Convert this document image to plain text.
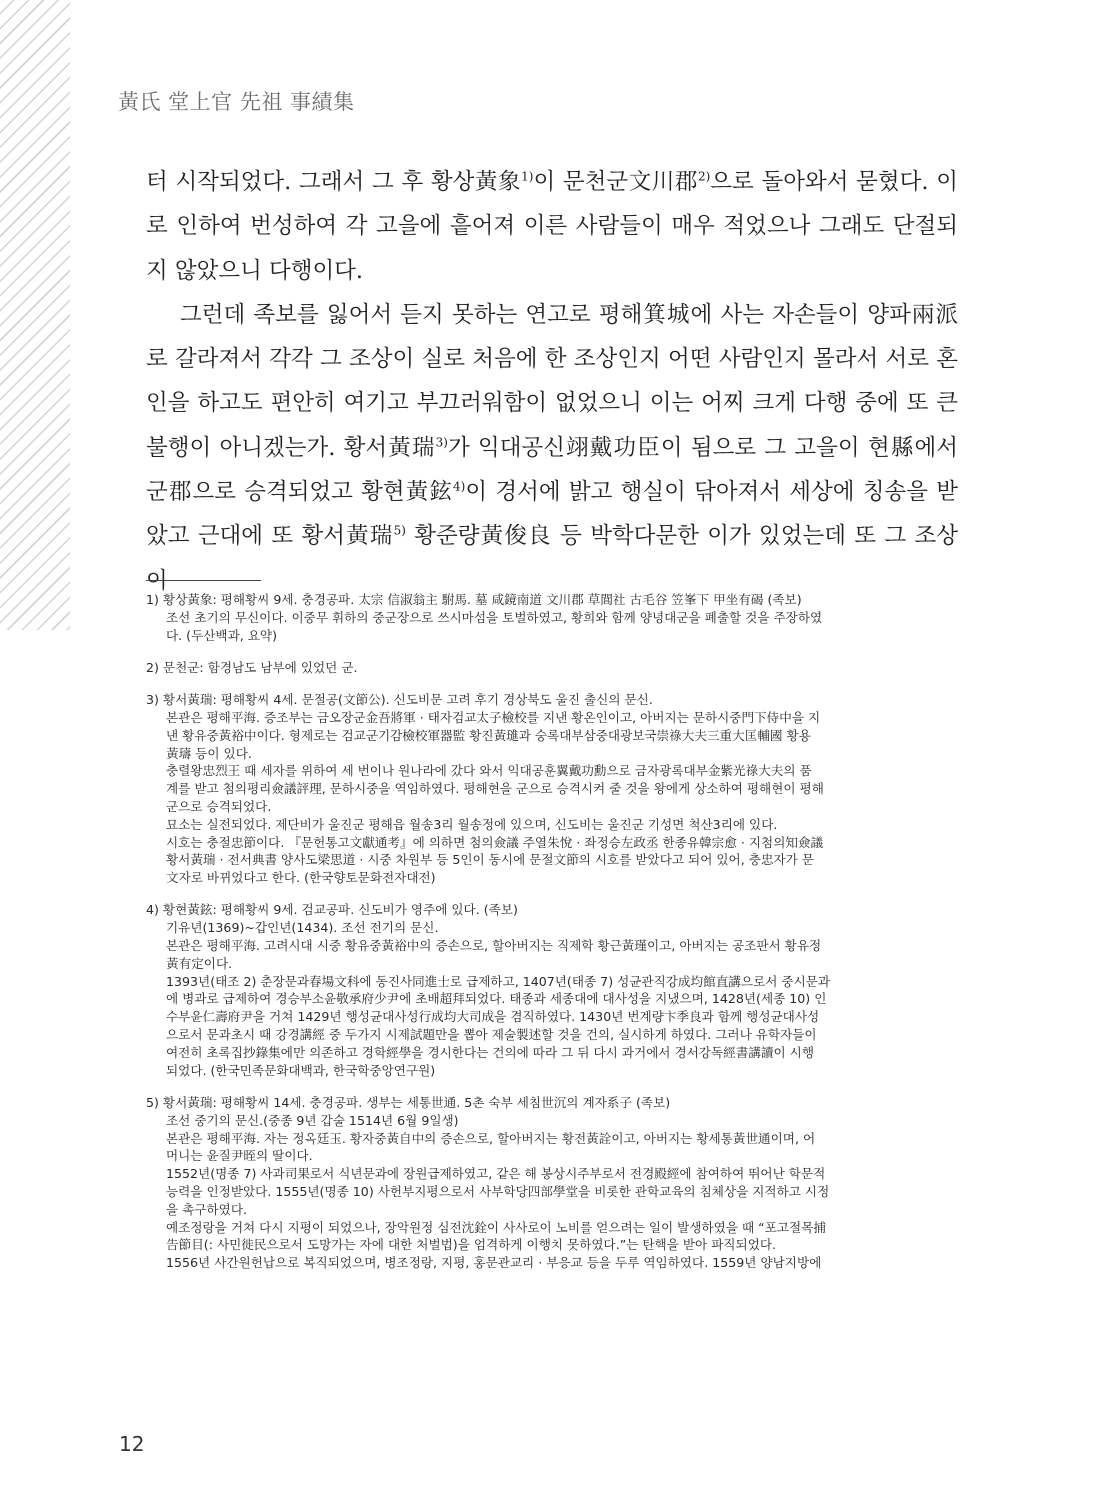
黃氏 堂上官 先祖 事績集

터 시작되었다. 그래서 그 후 황상黃象$^{1)}$이 문천군文川郡$^{2)}$으로 돌아와서 묻혔다. 이로 인하여 번성하여 각 고을에 흩어져 이른 사람들이 매우 적었으나 그래도 단절되지 않았으니 다행이다.

그런데 족보를 잃어서 듣지 못하는 연고로 평해箕城에 사는 자손들이 양파兩派로 갈라져서 각각 그 조상이 실로 처음에 한 조상인지 어떤 사람인지 몰라서 서로 혼인을 하고도 편안히 여기고 부끄러워함이 없었으니 이는 어찌 크게 다행 중에 또 큰 불행이 아니겠는가. 황서黃瑞$^{3)}$가 익대공신翊戴功臣이 됨으로 그 고을이 현縣에서 군郡으로 승격되었고 황현黃鉉$^{4)}$이 경서에 밝고 행실이 닦아져서 세상에 칭송을 받았고 근대에 또 황서黃瑞$^{5)}$ 황준량黃俊良 등 박학다문한 이가 있었는데 또 그 조상이

1) 황상黃象: 평해황씨 9세. 충경공파. 太宗 信淑翁主 駙馬. 墓 咸鏡南道 文川郡 草閭社 古毛谷 笠峯下 甲坐有碣 (족보)
조선 초기의 무신이다. 이중무 휘하의 중군장으로 쓰시마섬을 토벌하였고, 황희와 함께 양녕대군을 폐출할 것을 주장하였
다. (두산백과, 요약)
2) 문천군: 함경남도 남부에 있었던 군.
3) 황서黃瑞: 평해황씨 4세. 문절공(文節公). 신도비문 고려 후기 경상북도 울진 출신의 문신.
본관은 평해平海. 증조부는 금오장군金吾將軍 · 태자검교太子檢校를 지낸 황온인이고, 아버지는 문하시중門下侍中을 지
낸 황유중黃裕中이다. 형제로는 검교군기감檢校軍器監 황진黃璡과 숭록대부삼중대광보국崇祿大夫三重大匡輔國 황용
黃璹 등이 있다.
충렬왕忠烈王 때 세자를 위하여 세 번이나 원나라에 갔다 와서 익대공훈翼戴功勳으로 금자광록대부金紫光祿大夫의 품
계를 받고 첨의평리僉議評理, 문하시중을 역임하였다. 평해현을 군으로 승격시켜 줄 것을 왕에게 상소하여 평해현이 평해
군으로 승격되었다.
묘소는 실전되었다. 제단비가 울진군 평해읍 월송3리 월송정에 있으며, 신도비는 울진군 기성면 척산3리에 있다.
시호는 충절忠節이다. 『문헌통고文獻通考』에 의하면 첨의僉議 주열朱悅 · 좌정승左政丞 한종유韓宗愈 · 지첨의知僉議
황서黃瑞 · 전서典書 양사도梁思道 · 시중 차원부 등 5인이 동시에 문절文節의 시호를 받았다고 되어 있어, 충忠자가 문
文자로 바뀌었다고 한다. (한국향토문화전자대전)
4) 황현黃鉉: 평해황씨 9세. 검교공파. 신도비가 영주에 있다. (족보)
기유년(1369)~갑인년(1434). 조선 전기의 문신.
본관은 평해平海. 고려시대 시중 황유중黃裕中의 증손으로, 할아버지는 직제학 황근黃瑾이고, 아버지는 공조판서 황유정
黃有定이다.
1393년(태조 2) 춘장문과春場文科에 동진사同進士로 급제하고, 1407년(태종 7) 성균관직강成均館直講으로서 중시문과
에 병과로 급제하여 경승부소윤敬承府少尹에 초배超拜되었다. 태종과 세종대에 대사성을 지냈으며, 1428년(세종 10) 인
수부윤仁壽府尹을 거쳐 1429년 행성균대사성行成均大司成을 겸직하였다. 1430년 번계량卞季良과 함께 행성균대사성
으로서 문과초시 때 강경講經 중 두가지 시제試題만을 뽑아 제술製述할 것을 건의, 실시하게 하였다. 그러나 유학자들이
여전히 초록집抄錄集에만 의존하고 경학經學을 경시한다는 건의에 따라 그 뒤 다시 과거에서 경서강독經書講讀이 시행
되었다. (한국민족문화대백과, 한국학중앙연구원)
5) 황서黃瑞: 평해황씨 14세. 충경공파. 생부는 세통世通. 5촌 숙부 세침世沉의 계자系子 (족보)
조선 중기의 문신.(중종 9년 갑술 1514년 6월 9일생)
본관은 평해平海. 자는 정옥廷玉. 황자중黃自中의 증손으로, 할아버지는 황전黃詮이고, 아버지는 황세통黃世通이며, 어
머니는 윤질尹晊의 딸이다.
1552년(명종 7) 사과司果로서 식년문과에 장원급제하였고, 같은 해 봉상시주부로서 전경殿經에 참여하여 뛰어난 학문적
능력을 인정받았다. 1555년(명종 10) 사헌부지평으로서 사부학당四部學堂을 비롯한 관학교육의 침체상을 지적하고 시정
을 촉구하였다.
예조정랑을 거쳐 다시 지평이 되었으나, 장악원정 심전沈銓이 사사로이 노비를 얻으려는 일이 발생하였을 때 “포고절목捕
告節目(: 사민徙民으로서 도망가는 자에 대한 처벌법)을 엄격하게 이행치 못하였다.”는 탄핵을 받아 파직되었다.
1556년 사간원헌납으로 복직되었으며, 병조정랑, 지평, 홍문관교리 · 부응교 등을 두루 역임하였다. 1559년 양남지방에
12
